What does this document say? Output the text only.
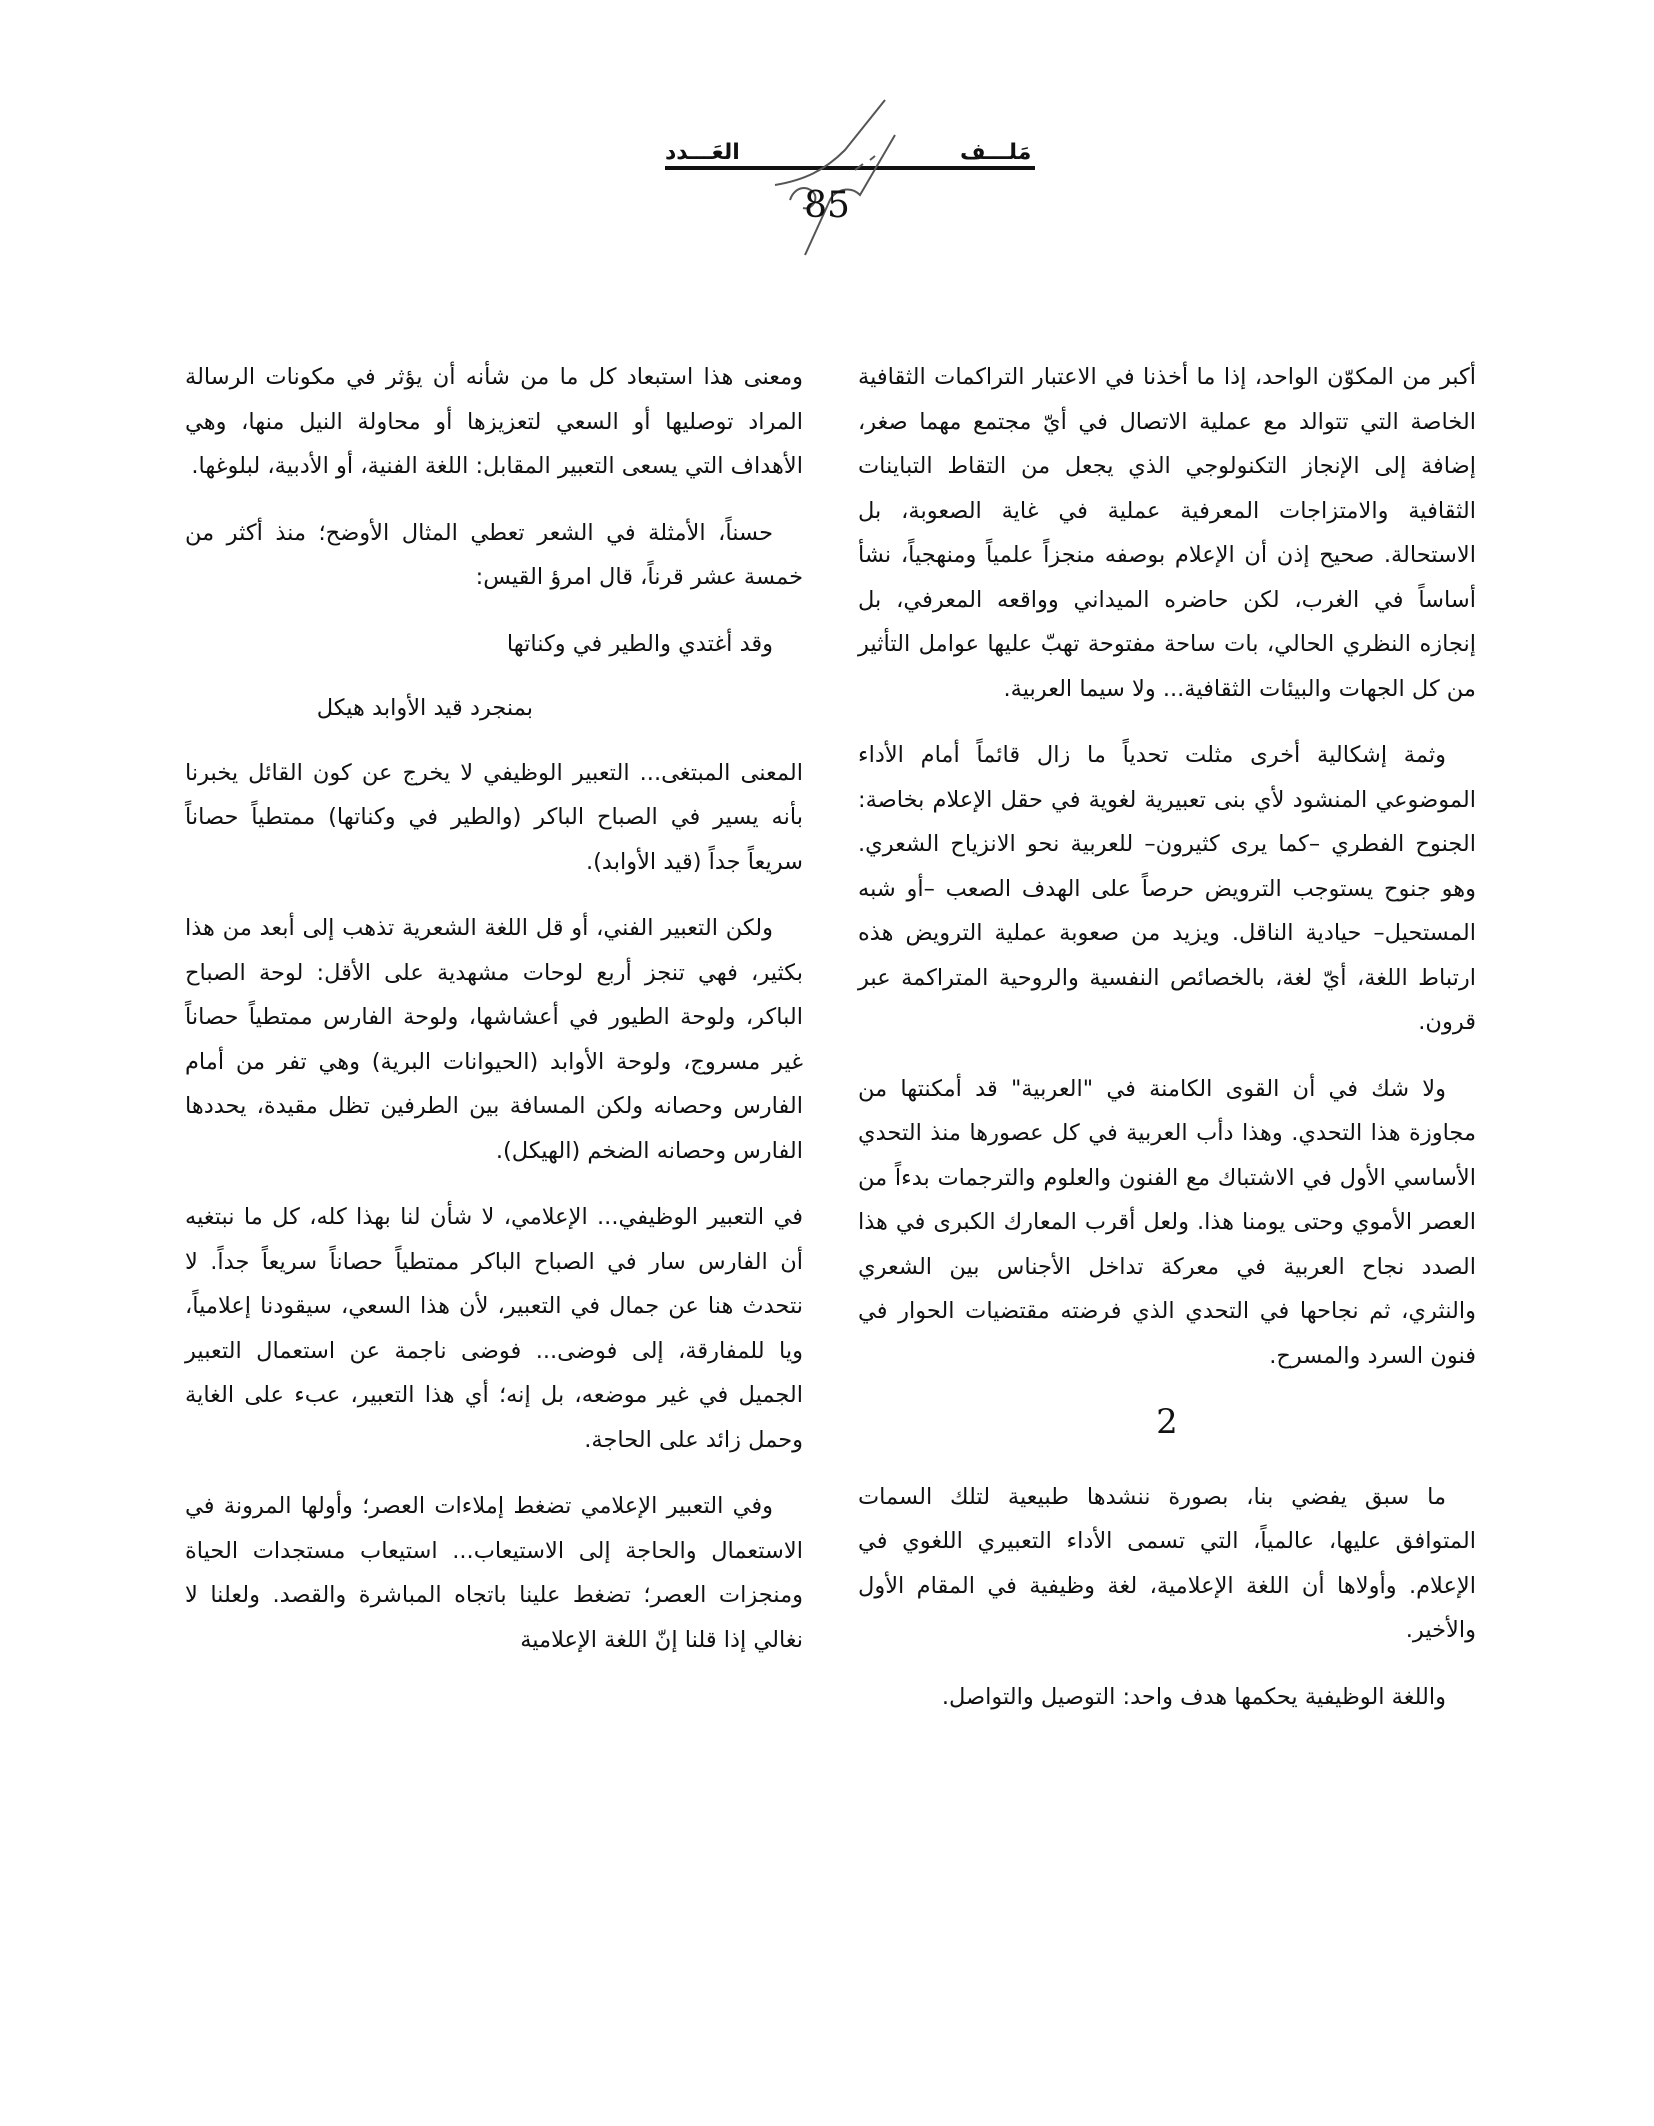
العَـــدد	مَلـــف
85

أكبر من المكوّن الواحد، إذا ما أخذنا في الاعتبار التراكمات الثقافية الخاصة التي تتوالد مع عملية الاتصال في أيّ مجتمع مهما صغر، إضافة إلى الإنجاز التكنولوجي الذي يجعل من التقاط التباينات الثقافية والامتزاجات المعرفية عملية في غاية الصعوبة، بل الاستحالة. صحيح إذن أن الإعلام بوصفه منجزاً علمياً ومنهجياً، نشأ أساساً في الغرب، لكن حاضره الميداني وواقعه المعرفي، بل إنجازه النظري الحالي، بات ساحة مفتوحة تهبّ عليها عوامل التأثير من كل الجهات والبيئات الثقافية... ولا سيما العربية.

وثمة إشكالية أخرى مثلت تحدياً ما زال قائماً أمام الأداء الموضوعي المنشود لأي بنى تعبيرية لغوية في حقل الإعلام بخاصة: الجنوح الفطري –كما يرى كثيرون– للعربية نحو الانزياح الشعري. وهو جنوح يستوجب الترويض حرصاً على الهدف الصعب –أو شبه المستحيل– حيادية الناقل. ويزيد من صعوبة عملية الترويض هذه ارتباط اللغة، أيّ لغة، بالخصائص النفسية والروحية المتراكمة عبر قرون.

ولا شك في أن القوى الكامنة في "العربية" قد أمكنتها من مجاوزة هذا التحدي. وهذا دأب العربية في كل عصورها منذ التحدي الأساسي الأول في الاشتباك مع الفنون والعلوم والترجمات بدءاً من العصر الأموي وحتى يومنا هذا. ولعل أقرب المعارك الكبرى في هذا الصدد نجاح العربية في معركة تداخل الأجناس بين الشعري والنثري، ثم نجاحها في التحدي الذي فرضته مقتضيات الحوار في فنون السرد والمسرح.

2

ما سبق يفضي بنا، بصورة ننشدها طبيعية لتلك السمات المتوافق عليها، عالمياً، التي تسمى الأداء التعبيري اللغوي في الإعلام. وأولاها أن اللغة الإعلامية، لغة وظيفية في المقام الأول والأخير.

واللغة الوظيفية يحكمها هدف واحد: التوصيل والتواصل.

ومعنى هذا استبعاد كل ما من شأنه أن يؤثر في مكونات الرسالة المراد توصليها أو السعي لتعزيزها أو محاولة النيل منها، وهي الأهداف التي يسعى التعبير المقابل: اللغة الفنية، أو الأدبية، لبلوغها.

حسناً، الأمثلة في الشعر تعطي المثال الأوضح؛ منذ أكثر من خمسة عشر قرناً، قال امرؤ القيس:

وقد أغتدي والطير في وكناتها
بمنجرد قيد الأوابد هيكل

المعنى المبتغى... التعبير الوظيفي لا يخرج عن كون القائل يخبرنا بأنه يسير في الصباح الباكر (والطير في وكناتها) ممتطياً حصاناً سريعاً جداً (قيد الأوابد).

ولكن التعبير الفني، أو قل اللغة الشعرية تذهب إلى أبعد من هذا بكثير، فهي تنجز أربع لوحات مشهدية على الأقل: لوحة الصباح الباكر، ولوحة الطيور في أعشاشها، ولوحة الفارس ممتطياً حصاناً غير مسروج، ولوحة الأوابد (الحيوانات البرية) وهي تفر من أمام الفارس وحصانه ولكن المسافة بين الطرفين تظل مقيدة، يحددها الفارس وحصانه الضخم (الهيكل).

في التعبير الوظيفي... الإعلامي، لا شأن لنا بهذا كله، كل ما نبتغيه أن الفارس سار في الصباح الباكر ممتطياً حصاناً سريعاً جداً. لا نتحدث هنا عن جمال في التعبير، لأن هذا السعي، سيقودنا إعلامياً، ويا للمفارقة، إلى فوضى... فوضى ناجمة عن استعمال التعبير الجميل في غير موضعه، بل إنه؛ أي هذا التعبير، عبء على الغاية وحمل زائد على الحاجة.

وفي التعبير الإعلامي تضغط إملاءات العصر؛ وأولها المرونة في الاستعمال والحاجة إلى الاستيعاب... استيعاب مستجدات الحياة ومنجزات العصر؛ تضغط علينا باتجاه المباشرة والقصد. ولعلنا لا نغالي إذا قلنا إنّ اللغة الإعلامية
